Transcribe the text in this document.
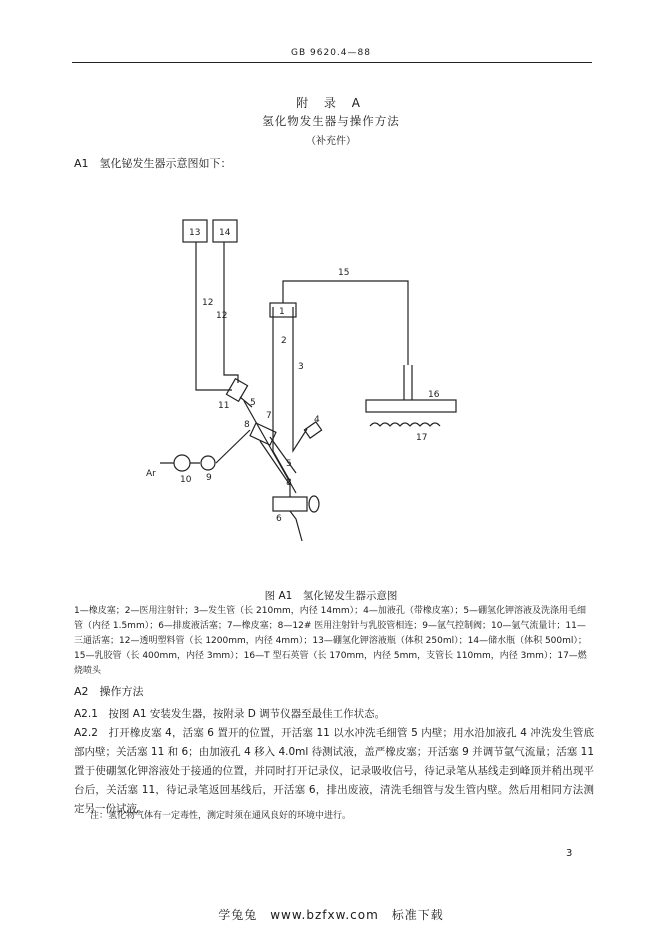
GB 9620.4—88
附 录 A
氢化物发生器与操作方法
（补充件）
A1　氢化铋发生器示意图如下：
13 14
12
12
11 5
15
1
2
3
4
7
8
5
8
6
16
17
10 9
Ar
图 A1　氢化铋发生器示意图
1—橡皮塞；2—医用注射针；3—发生管（长 210mm，内径 14mm）；4—加液孔（带橡皮塞）；5—硼氢化钾溶液及洗涤用毛细管（内径 1.5mm）；6—排废液活塞；7—橡皮塞；8—12# 医用注射针与乳胶管相连；9—氩气控制阀；10—氩气流量计；11—三通活塞；12—透明塑料管（长 1200mm，内径 4mm）；13—硼氢化钾溶液瓶（体积 250ml）；14—储水瓶（体积 500ml）；15—乳胶管（长 400mm，内径 3mm）；16—T 型石英管（长 170mm，内径 5mm，支管长 110mm，内径 3mm）；17—燃烧喷头
A2　操作方法
A2.1　按图 A1 安装发生器，按附录 D 调节仪器至最佳工作状态。
A2.2　打开橡皮塞 4，活塞 6 置开的位置，开活塞 11 以水冲洗毛细管 5 内壁；用水沿加液孔 4 冲洗发生管底部内壁；关活塞 11 和 6；由加液孔 4 移入 4.0ml 待测试液，盖严橡皮塞；开活塞 9 并调节氩气流量；活塞 11 置于使硼氢化钾溶液处于接通的位置，并同时打开记录仪，记录吸收信号，待记录笔从基线走到峰顶并稍出现平台后，关活塞 11，待记录笔返回基线后，开活塞 6，排出废液，清洗毛细管与发生管内壁。然后用相同方法测定另一份试液。
注：氢化物气体有一定毒性，测定时须在通风良好的环境中进行。
3
学兔兔　www.bzfxw.com　标准下载
